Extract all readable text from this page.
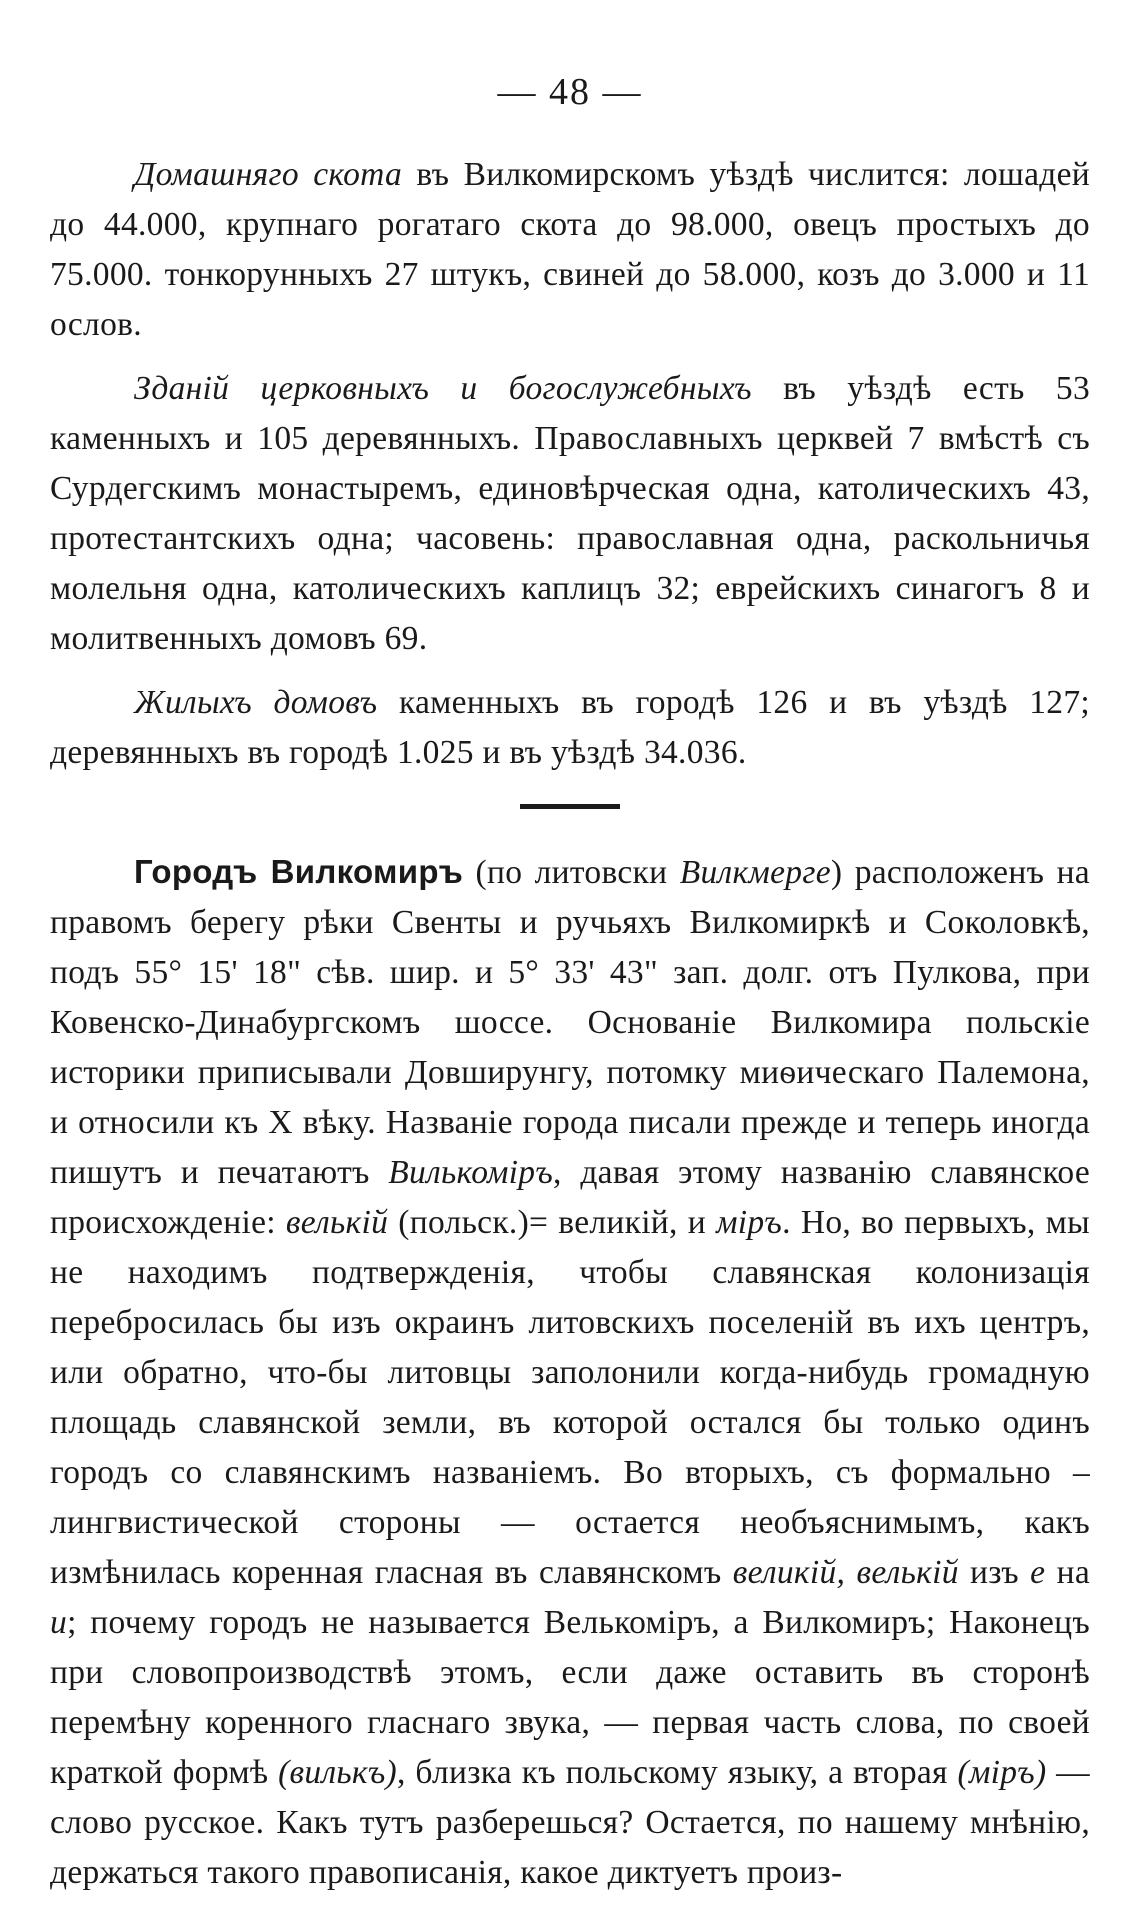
— 48 —

Домашняго скота въ Вилкомирскомъ уѣздѣ числится: лошадей до 44.000, крупнаго рогатаго скота до 98.000, овецъ простыхъ до 75.000. тонкорунныхъ 27 штукъ, свиней до 58.000, козъ до 3.000 и 11 ослов.

Зданій церковныхъ и богослужебныхъ въ уѣздѣ есть 53 каменныхъ и 105 деревянныхъ. Православныхъ церквей 7 вмѣстѣ съ Сурдегскимъ монастыремъ, единовѣрческая одна, католическихъ 43, протестантскихъ одна; часовень: православная одна, раскольничья молельня одна, католическихъ каплицъ 32; еврейскихъ синагогъ 8 и молитвенныхъ домовъ 69.

Жилыхъ домовъ каменныхъ въ городѣ 126 и въ уѣздѣ 127; деревянныхъ въ городѣ 1.025 и въ уѣздѣ 34.036.

Городъ Вилкомиръ (по литовски Вилкмерге) расположенъ на правомъ берегу рѣки Свенты и ручьяхъ Вилкомиркѣ и Соколовкѣ, подъ 55° 15' 18" сѣв. шир. и 5° 33' 43" зап. долг. отъ Пулкова, при Ковенско-Динабургскомъ шоссе. Основаніе Вилкомира польскіе историки приписывали Довширунгу, потомку миѳическаго Палемона, и относили къ X вѣку. Названіе города писали прежде и теперь иногда пишутъ и печатаютъ Вилькомiръ, давая этому названію славянское происхожденіе: велькій (польск.)= великій, и міръ. Но, во первыхъ, мы не находимъ подтвержденія, чтобы славянская колонизація перебросилась бы изъ окраинъ литовскихъ поселеній въ ихъ центръ, или обратно, что-бы литовцы заполонили когда-нибудь громадную площадь славянской земли, въ которой остался бы только одинъ городъ со славянскимъ названіемъ. Во вторыхъ, съ формально – лингвистической стороны — остается необъяснимымъ, какъ измѣнилась коренная гласная въ славянскомъ великій, велькій изъ е на и; почему городъ не называется Велькомiръ, а Вилкомиръ; Наконецъ при словопроизводствѣ этомъ, если даже оставить въ сторонѣ перемѣну коренного гласнаго звука, — первая часть слова, по своей краткой формѣ (вилькъ), близка къ польскому языку, а вторая (міръ) — слово русское. Какъ тутъ разберешься? Остается, по нашему мнѣнію, держаться такого правописанія, какое диктуетъ произ-
